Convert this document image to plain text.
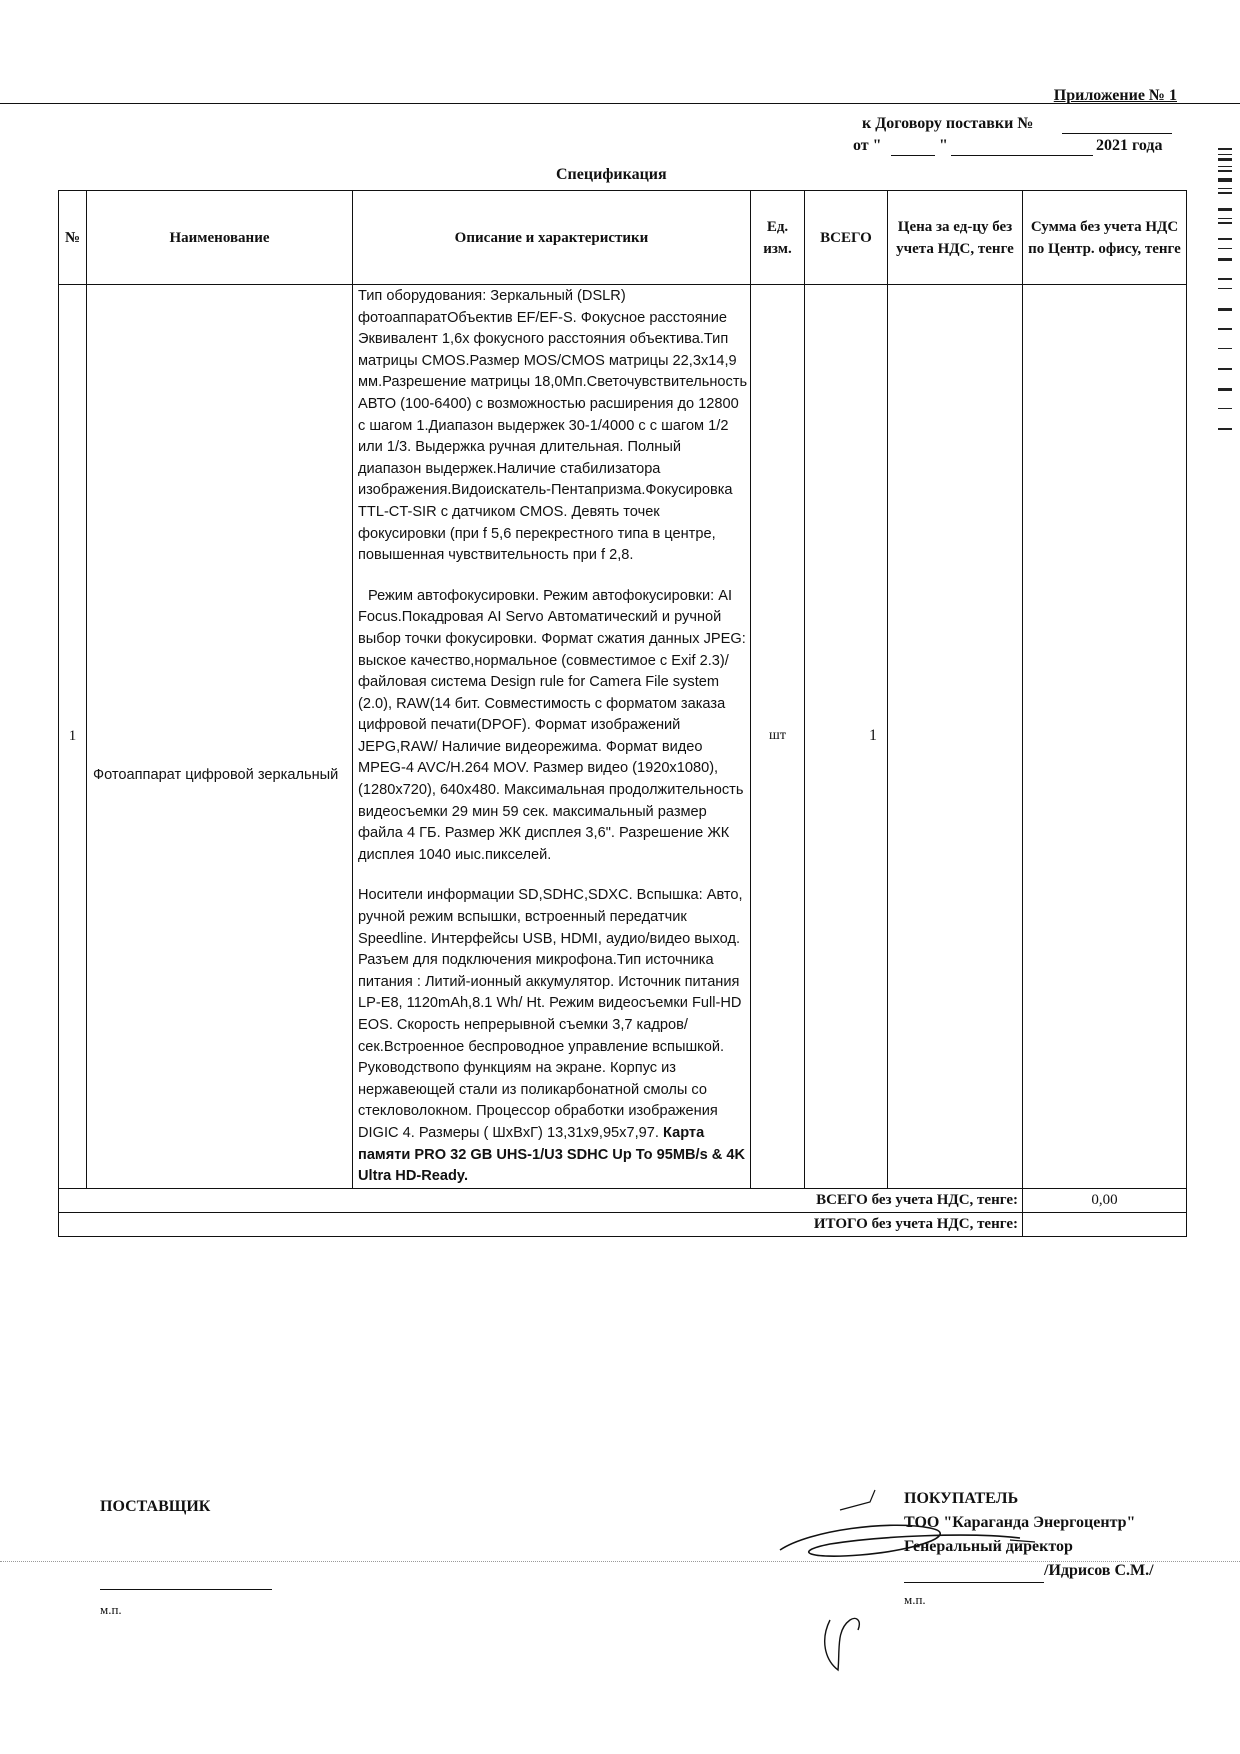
Приложение № 1
к Договору поставки №
от "	"	2021 года
Спецификация
№	Наименование	Описание и характеристики	Ед. изм.	ВСЕГО	Цена за ед-цу без учета НДС, тенге	Сумма без учета НДС по Центр. офису, тенге
1	Фотоаппарат цифровой зеркальный	Тип оборудования: Зеркальный (DSLR) фотоаппаратОбъектив EF/EF-S. Фокусное расстояние Эквивалент 1,6x фокусного расстояния объектива.Тип матрицы CMOS.Размер MOS/CMOS матрицы 22,3x14,9 мм.Разрешение матрицы 18,0Мп.Светочувствительность АВТО (100-6400) с возможностью расширения до 12800 с шагом 1.Диапазон выдержек 30-1/4000 с с шагом 1/2 или 1/3. Выдержка ручная длительная. Полный диапазон выдержек.Наличие стабилизатора изображения.Видоискатель-Пентапризма.Фокусировка TTL-CT-SIR с датчиком CMOS. Девять точек фокусировки (при f 5,6 перекрестного типа в центре, повышенная чувствительность при f 2,8.

Режим автофокусировки. Режим автофокусировки: AI Focus.Покадровая AI Servo Автоматический и ручной выбор точки фокусировки. Формат сжатия данных JPEG: выское качество,нормальное (совместимое с Exif 2.3)/ файловая система Design rule for Camera File system (2.0), RAW(14 бит. Совместимость с форматом заказа цифровой печати(DPOF). Формат изображений JEPG,RAW/ Наличие видеорежима. Формат видео MPEG-4 AVC/H.264 MOV. Размер видео (1920x1080), (1280x720), 640x480. Максимальная продолжительность видеосъемки 29 мин 59 сек. максимальный размер файла 4 ГБ. Размер ЖК дисплея 3,6". Разрешение ЖК дисплея 1040 иыс.пикселей.

Носители информации SD,SDHC,SDXC. Вспышка: Авто, ручной режим вспышки, встроенный передатчик Speedline. Интерфейсы USB, HDMI, аудио/видео выход. Разъем для подключения микрофона.Тип источника питания : Литий-ионный аккумулятор. Источник питания LP-E8, 1120mAh,8.1 Wh/ Ht. Режим видеосъемки Full-HD EOS. Скорость непрерывной съемки 3,7 кадров/сек.Встроенное беспроводное управление вспышкой. Руководствопо функциям на экране. Корпус из нержавеющей стали из поликарбонатной смолы со стекловолокном. Процессор обработки изображения DIGIC 4. Размеры ( ШxВxГ) 13,31x9,95x7,97. Карта памяти PRO 32 GB UHS-1/U3 SDHC Up To 95MB/s & 4K Ultra HD-Ready.	шт	1		
ВСЕГО без учета НДС, тенге:						0,00
ИТОГО без учета НДС, тенге:						
ПОСТАВЩИК
м.п.
ПОКУПАТЕЛЬ
ТОО "Караганда Энергоцентр"
Генеральный директор
/Идрисов С.М./
м.п.
